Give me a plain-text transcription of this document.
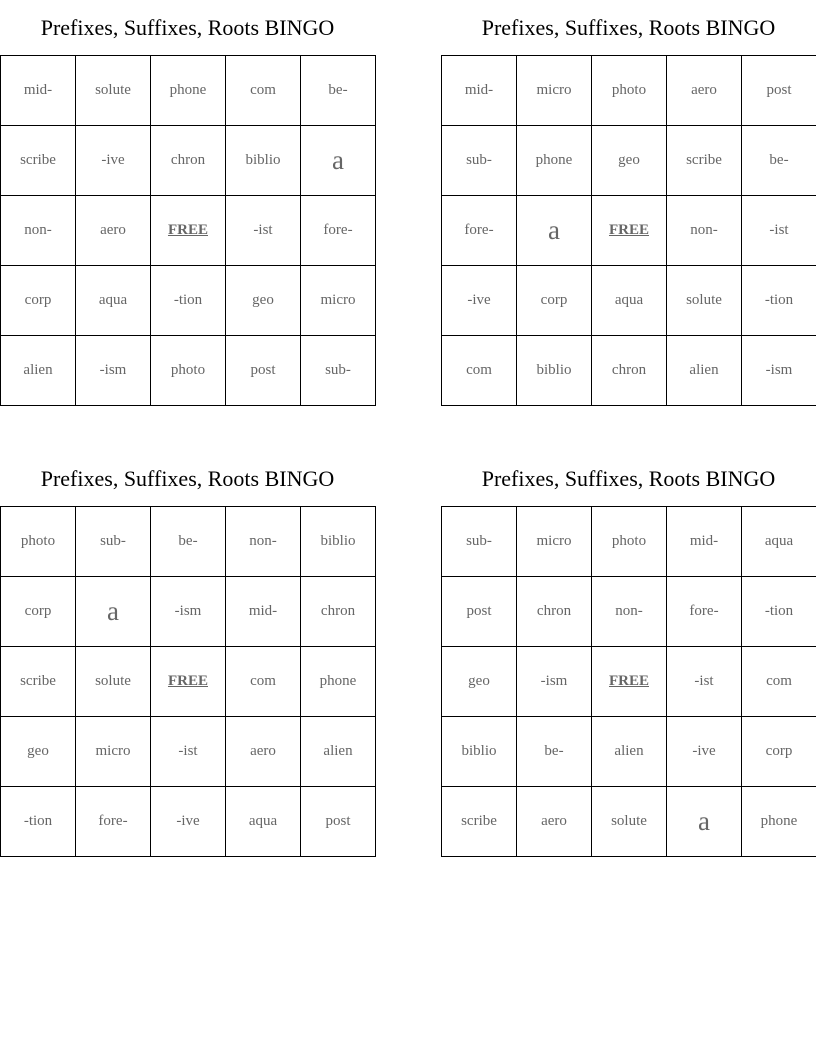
Prefixes, Suffixes, Roots BINGO
mid-	solute	phone	com	be-
scribe	-ive	chron	biblio	a
non-	aero	FREE	-ist	fore-
corp	aqua	-tion	geo	micro
alien	-ism	photo	post	sub-
Prefixes, Suffixes, Roots BINGO
mid-	micro	photo	aero	post
sub-	phone	geo	scribe	be-
fore-	a	FREE	non-	-ist
-ive	corp	aqua	solute	-tion
com	biblio	chron	alien	-ism
Prefixes, Suffixes, Roots BINGO
photo	sub-	be-	non-	biblio
corp	a	-ism	mid-	chron
scribe	solute	FREE	com	phone
geo	micro	-ist	aero	alien
-tion	fore-	-ive	aqua	post
Prefixes, Suffixes, Roots BINGO
sub-	micro	photo	mid-	aqua
post	chron	non-	fore-	-tion
geo	-ism	FREE	-ist	com
biblio	be-	alien	-ive	corp
scribe	aero	solute	a	phone
